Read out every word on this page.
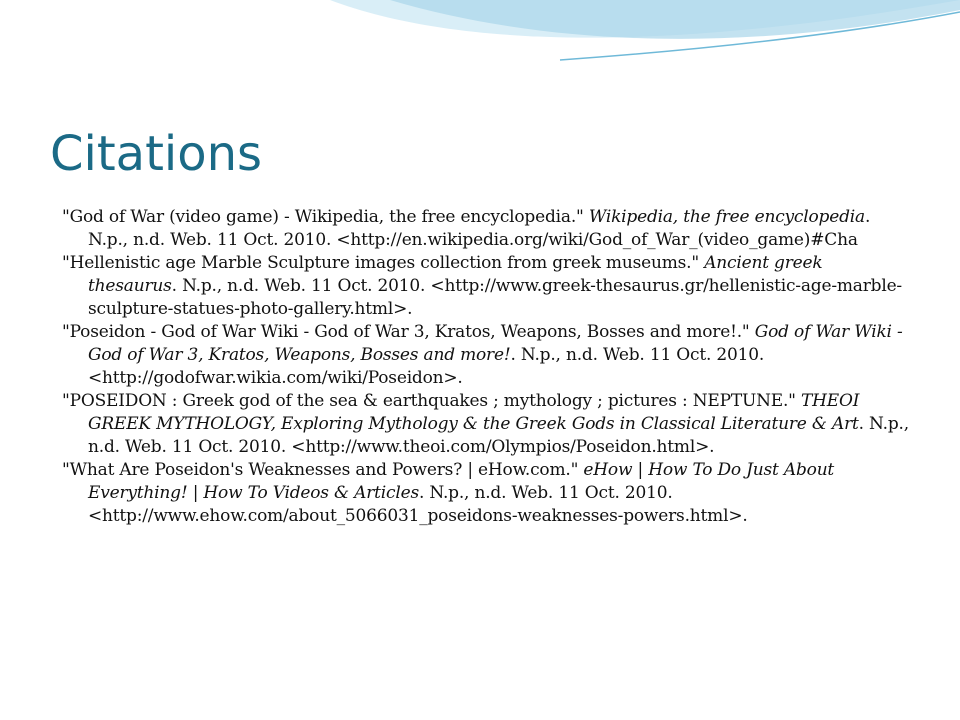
Citations
"God of War (video game) - Wikipedia, the free encyclopedia." Wikipedia, the free encyclopedia. N.p., n.d. Web. 11 Oct. 2010. <http://en.wikipedia.org/wiki/God_of_War_(video_game)#Cha
"Hellenistic age Marble Sculpture images collection from greek museums." Ancient greek thesaurus. N.p., n.d. Web. 11 Oct. 2010. <http://www.greek-thesaurus.gr/hellenistic-age-marble-sculpture-statues-photo-gallery.html>.
"Poseidon - God of War Wiki - God of War 3, Kratos, Weapons, Bosses and more!." God of War Wiki - God of War 3, Kratos, Weapons, Bosses and more!. N.p., n.d. Web. 11 Oct. 2010. <http://godofwar.wikia.com/wiki/Poseidon>.
"POSEIDON : Greek god of the sea & earthquakes ; mythology ; pictures : NEPTUNE." THEOI GREEK MYTHOLOGY, Exploring Mythology & the Greek Gods in Classical Literature & Art. N.p., n.d. Web. 11 Oct. 2010. <http://www.theoi.com/Olympios/Poseidon.html>.
"What Are Poseidon's Weaknesses and Powers? | eHow.com." eHow | How To Do Just About Everything! | How To Videos & Articles. N.p., n.d. Web. 11 Oct. 2010. <http://www.ehow.com/about_5066031_poseidons-weaknesses-powers.html>.
